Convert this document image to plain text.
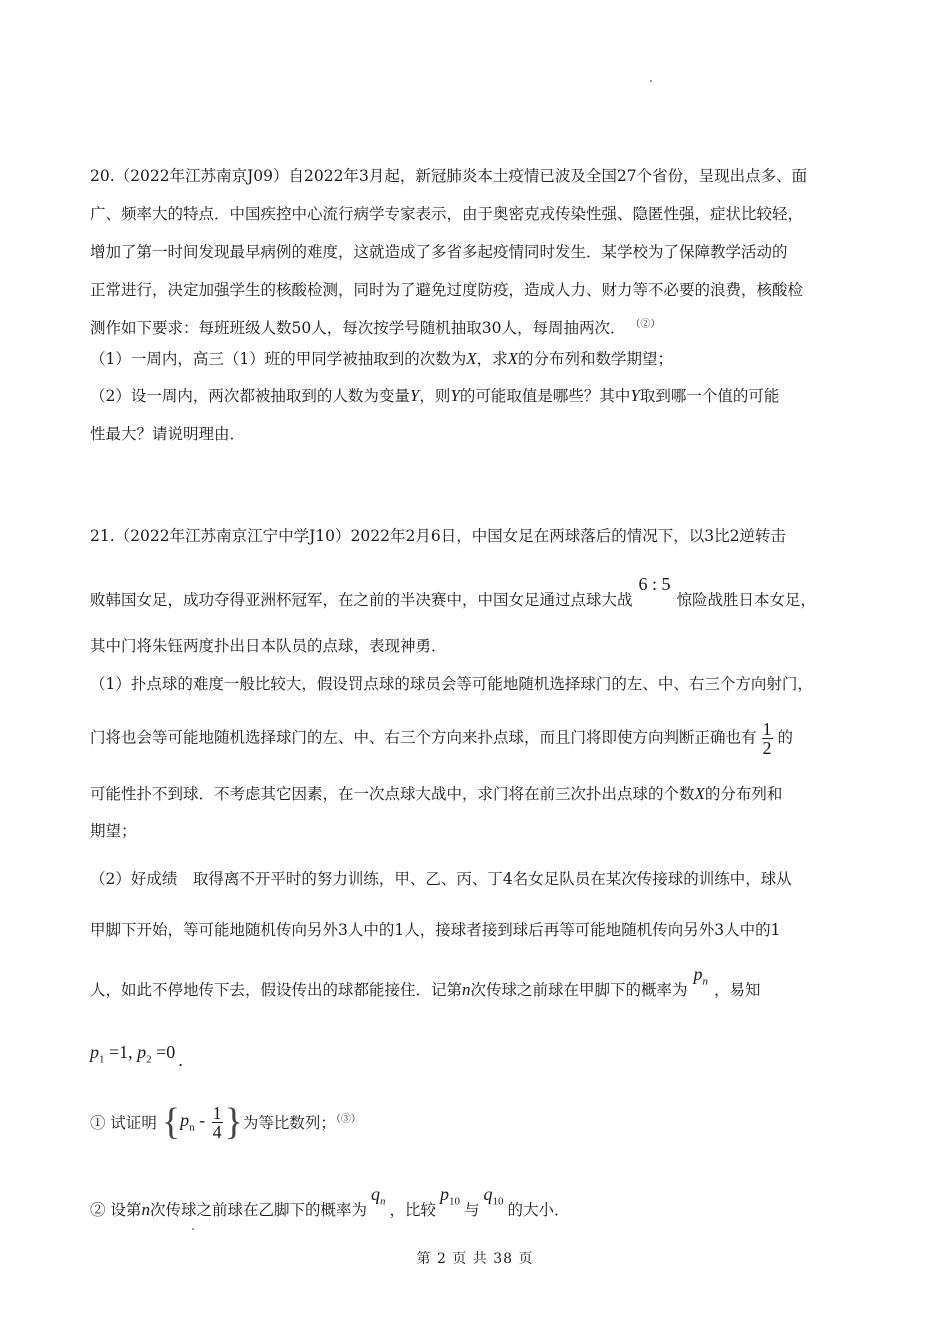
20.（2022年江苏南京J09）自2022年3月起，新冠肺炎本土疫情已波及全国27个省份，呈现出点多、面
广、频率大的特点．中国疾控中心流行病学专家表示，由于奥密克戎传染性强、隐匿性强，症状比较轻，
增加了第一时间发现最早病例的难度，这就造成了多省多起疫情同时发生．某学校为了保障教学活动的
正常进行，决定加强学生的核酸检测，同时为了避免过度防疫，造成人力、财力等不必要的浪费，核酸检
测作如下要求：每班班级人数50人，每次按学号随机抽取30人，每周抽两次． （②）
（1）一周内，高三（1）班的甲同学被抽取到的次数为X，求X的分布列和数学期望；
（2）设一周内，两次都被抽取到的人数为变量Y，则Y的可能取值是哪些？其中Y取到哪一个值的可能
性最大？请说明理由．
21.（2022年江苏南京江宁中学J10）2022年2月6日，中国女足在两球落后的情况下，以3比2逆转击
败韩国女足，成功夺得亚洲杯冠军，在之前的半决赛中，中国女足通过点球大战6 : 5惊险战胜日本女足，
其中门将朱钰两度扑出日本队员的点球，表现神勇．
（1）扑点球的难度一般比较大，假设罚点球的球员会等可能地随机选择球门的左、中、右三个方向射门，
门将也会等可能地随机选择球门的左、中、右三个方向来扑点球，而且门将即使方向判断正确也有 $\frac{1}{2}$ 的
可能性扑不到球．不考虑其它因素，在一次点球大战中，求门将在前三次扑出点球的个数X的分布列和
期望；
（2）好成绩　取得离不开平时的努力训练，甲、乙、丙、丁4名女足队员在某次传接球的训练中，球从
甲脚下开始，等可能地随机传向另外3人中的1人，接球者接到球后再等可能地随机传向另外3人中的1
人，如此不停地传下去，假设传出的球都能接住．记第n次传球之前球在甲脚下的概率为$p_n$ ，易知
$p_1 =1$, $p_2 =0$ .
① 试证明 {$p_n - \frac{1}{4}$ }为等比数列；（③）
② 设第n次传球之前球在乙脚下的概率为$q_n$ ，比较$p_{10}$ 与$q_{10}$ 的大小．
第 2 页 共 38 页
